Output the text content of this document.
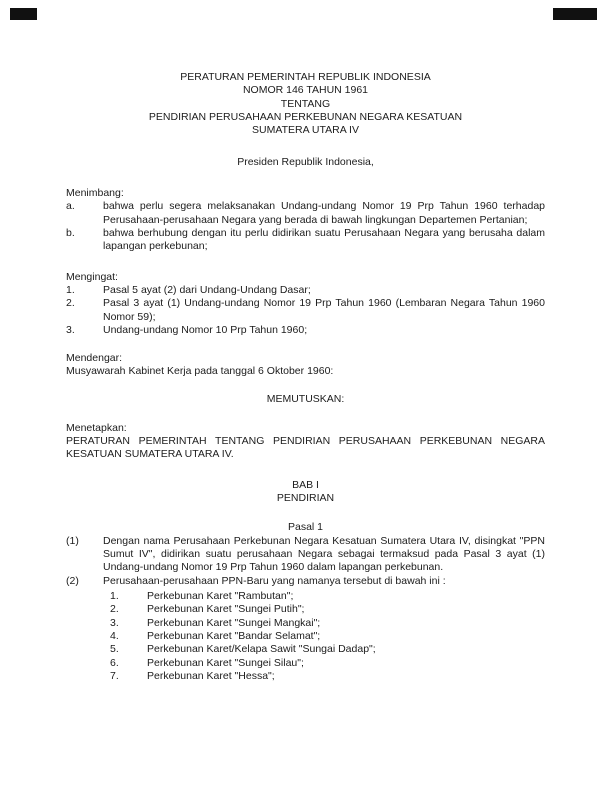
PERATURAN PEMERINTAH REPUBLIK INDONESIA
NOMOR 146 TAHUN 1961
TENTANG
PENDIRIAN PERUSAHAAN PERKEBUNAN NEGARA KESATUAN
SUMATERA UTARA IV
Presiden Republik Indonesia,
Menimbang:
a.	bahwa perlu segera melaksanakan Undang-undang Nomor 19 Prp Tahun 1960 terhadap Perusahaan-perusahaan Negara yang berada di bawah lingkungan Departemen Pertanian;
b.	bahwa berhubung dengan itu perlu didirikan suatu Perusahaan Negara yang berusaha dalam lapangan perkebunan;
Mengingat:
1.	Pasal 5 ayat (2) dari Undang-Undang Dasar;
2.	Pasal 3 ayat (1) Undang-undang Nomor 19 Prp Tahun 1960 (Lembaran Negara Tahun 1960 Nomor 59);
3.	Undang-undang Nomor 10 Prp Tahun 1960;
Mendengar:
Musyawarah Kabinet Kerja pada tanggal 6 Oktober 1960:
MEMUTUSKAN:
Menetapkan:
PERATURAN PEMERINTAH TENTANG PENDIRIAN PERUSAHAAN PERKEBUNAN NEGARA KESATUAN SUMATERA UTARA IV.
BAB I
PENDIRIAN
Pasal 1
(1)	Dengan nama Perusahaan Perkebunan Negara Kesatuan Sumatera Utara IV, disingkat "PPN Sumut IV", didirikan suatu perusahaan Negara sebagai termaksud pada Pasal 3 ayat (1) Undang-undang Nomor 19 Prp Tahun 1960 dalam lapangan perkebunan.
(2)	Perusahaan-perusahaan PPN-Baru yang namanya tersebut di bawah ini :
1.	Perkebunan Karet "Rambutan";
2.	Perkebunan Karet "Sungei Putih";
3.	Perkebunan Karet "Sungei Mangkai";
4.	Perkebunan Karet "Bandar Selamat";
5.	Perkebunan Karet/Kelapa Sawit "Sungai Dadap";
6.	Perkebunan Karet "Sungei Silau";
7.	Perkebunan Karet "Hessa";
